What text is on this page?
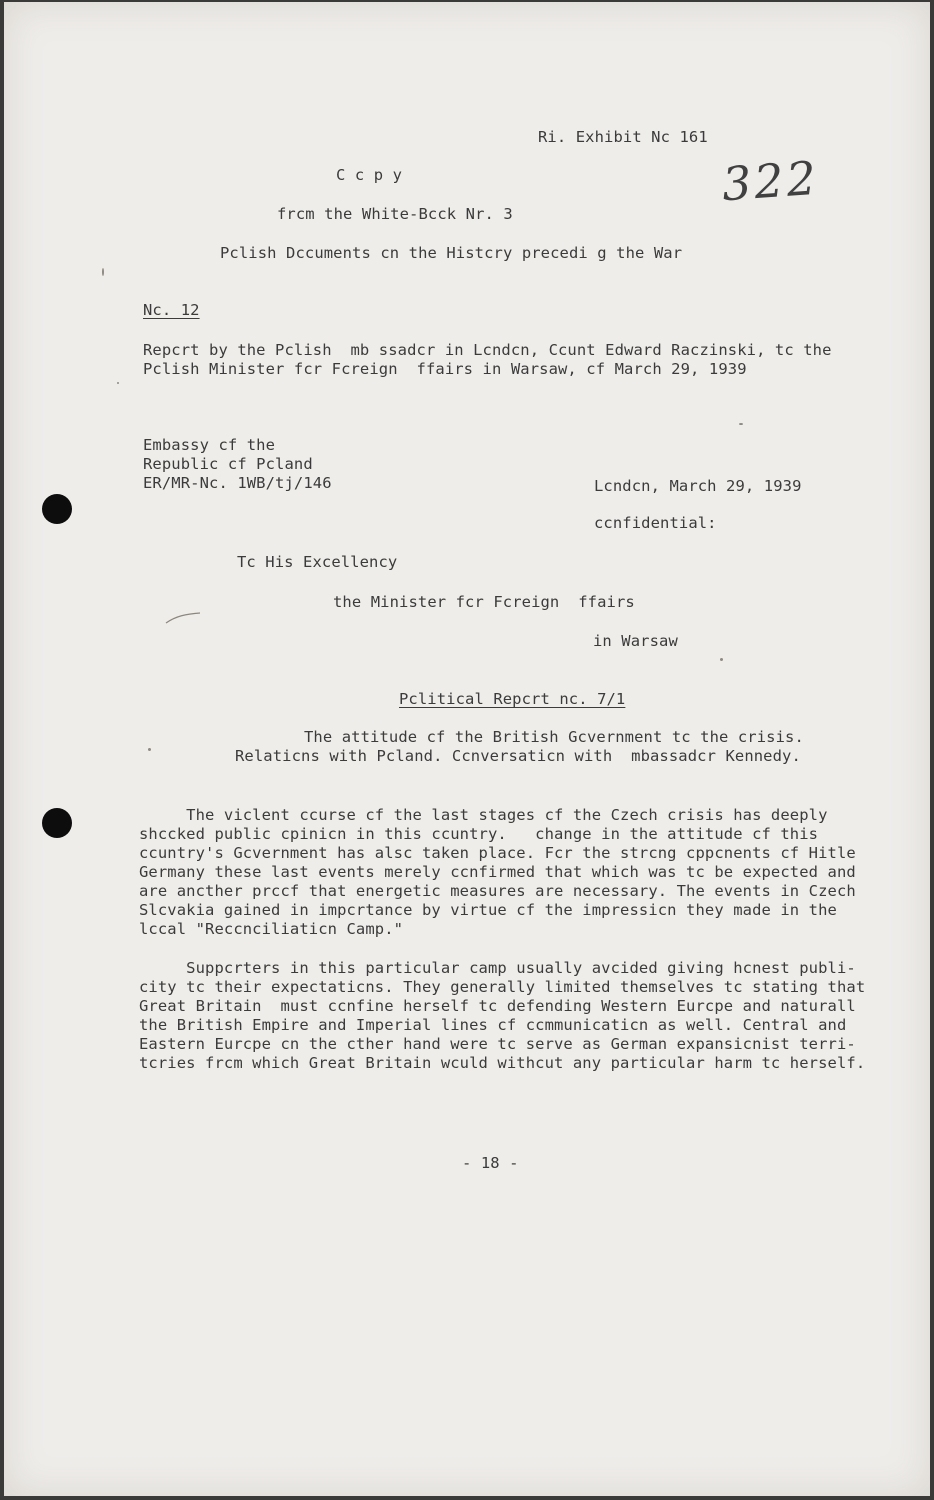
Ri. Exhibit Nc 161
322
C c p y
frcm the White-Bcck Nr. 3
Pclish Dccuments cn the Histcry precedi g the War
Nc. 12
Repcrt by the Pclish  mb ssadcr in Lcndcn, Ccunt Edward Raczinski, tc the
Pclish Minister fcr Fcreign  ffairs in Warsaw, cf March 29, 1939
Embassy cf the
Republic cf Pcland
ER/MR-Nc. 1WB/tj/146	Lcndcn, March 29, 1939
ccnfidential:
Tc His Excellency
the Minister fcr Fcreign  ffairs
in Warsaw
Pclitical Repcrt nc. 7/1
The attitude cf the British Gcvernment tc the crisis.
Relaticns with Pcland. Ccnversaticn with  mbassadcr Kennedy.
The viclent ccurse cf the last stages cf the Czech crisis has deeply
shccked public cpinicn in this ccuntry.   change in the attitude cf this
ccuntry's Gcvernment has alsc taken place. Fcr the strcng cppcnents cf Hitle
Germany these last events merely ccnfirmed that which was tc be expected and
are ancther prccf that energetic measures are necessary. The events in Czech
Slcvakia gained in impcrtance by virtue cf the impressicn they made in the
lccal "Reccnciliaticn Camp."
Suppcrters in this particular camp usually avcided giving hcnest publi-
city tc their expectaticns. They generally limited themselves tc stating that
Great Britain  must ccnfine herself tc defending Western Eurcpe and naturall
the British Empire and Imperial lines cf ccmmunicaticn as well. Central and
Eastern Eurcpe cn the cther hand were tc serve as German expansicnist terri-
tcries frcm which Great Britain wculd withcut any particular harm tc herself.
- 18 -
